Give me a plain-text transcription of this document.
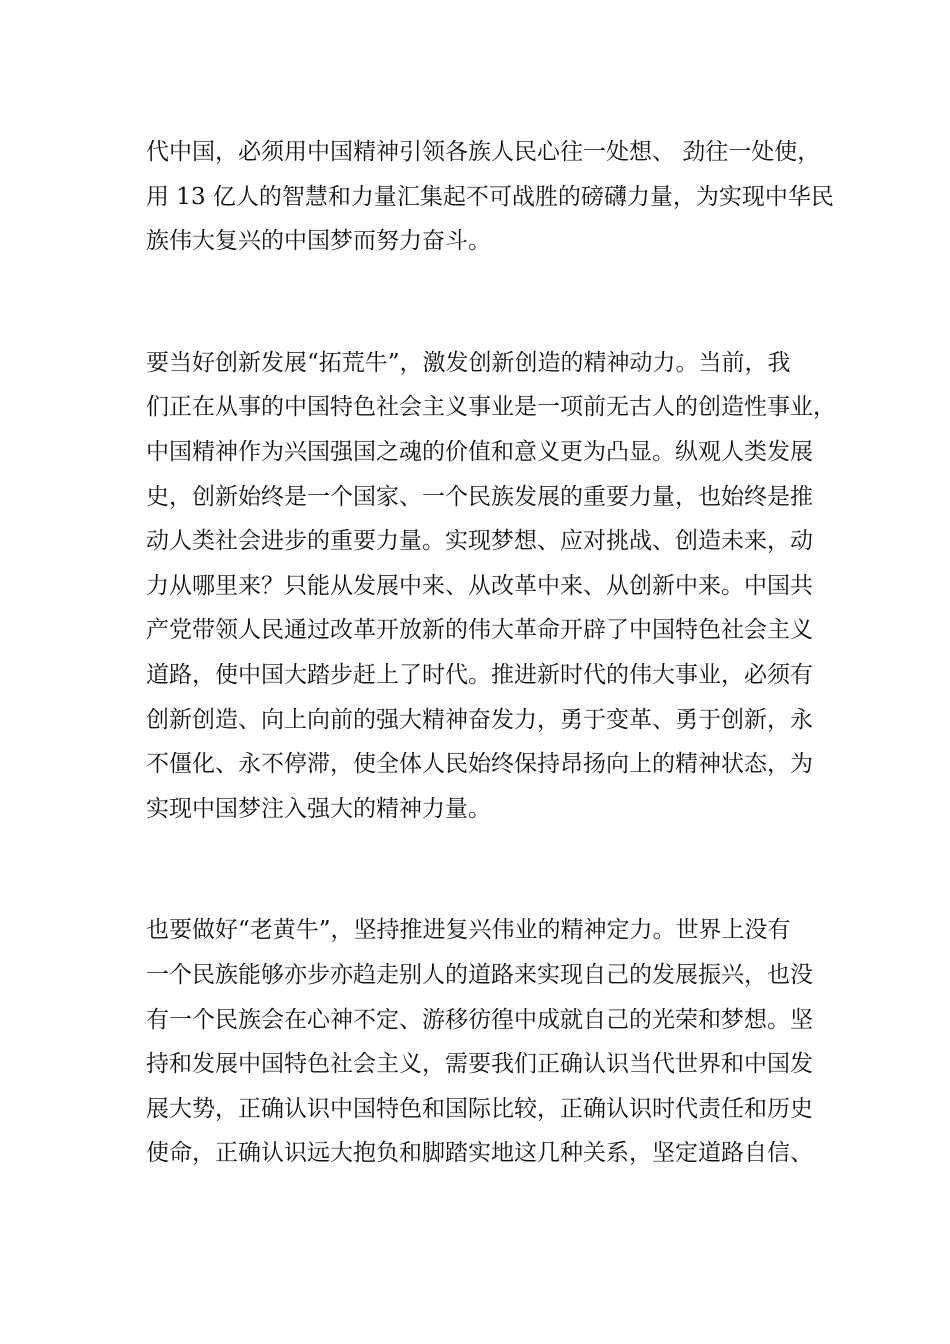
代中国，必须用中国精神引领各族人民心往一处想、 劲往一处使，
用 13 亿人的智慧和力量汇集起不可战胜的磅礴力量，为实现中华民
族伟大复兴的中国梦而努力奋斗。
要当好创新发展“拓荒牛”，激发创新创造的精神动力。当前，我
们正在从事的中国特色社会主义事业是一项前无古人的创造性事业，
中国精神作为兴国强国之魂的价值和意义更为凸显。纵观人类发展
史，创新始终是一个国家、一个民族发展的重要力量，也始终是推
动人类社会进步的重要力量。实现梦想、应对挑战、创造未来，动
力从哪里来？只能从发展中来、从改革中来、从创新中来。中国共
产党带领人民通过改革开放新的伟大革命开辟了中国特色社会主义
道路，使中国大踏步赶上了时代。推进新时代的伟大事业，必须有
创新创造、向上向前的强大精神奋发力，勇于变革、勇于创新，永
不僵化、永不停滞，使全体人民始终保持昂扬向上的精神状态，为
实现中国梦注入强大的精神力量。
也要做好“老黄牛”，坚持推进复兴伟业的精神定力。世界上没有
一个民族能够亦步亦趋走别人的道路来实现自己的发展振兴，也没
有一个民族会在心神不定、游移彷徨中成就自己的光荣和梦想。坚
持和发展中国特色社会主义，需要我们正确认识当代世界和中国发
展大势，正确认识中国特色和国际比较，正确认识时代责任和历史
使命，正确认识远大抱负和脚踏实地这几种关系，坚定道路自信、
